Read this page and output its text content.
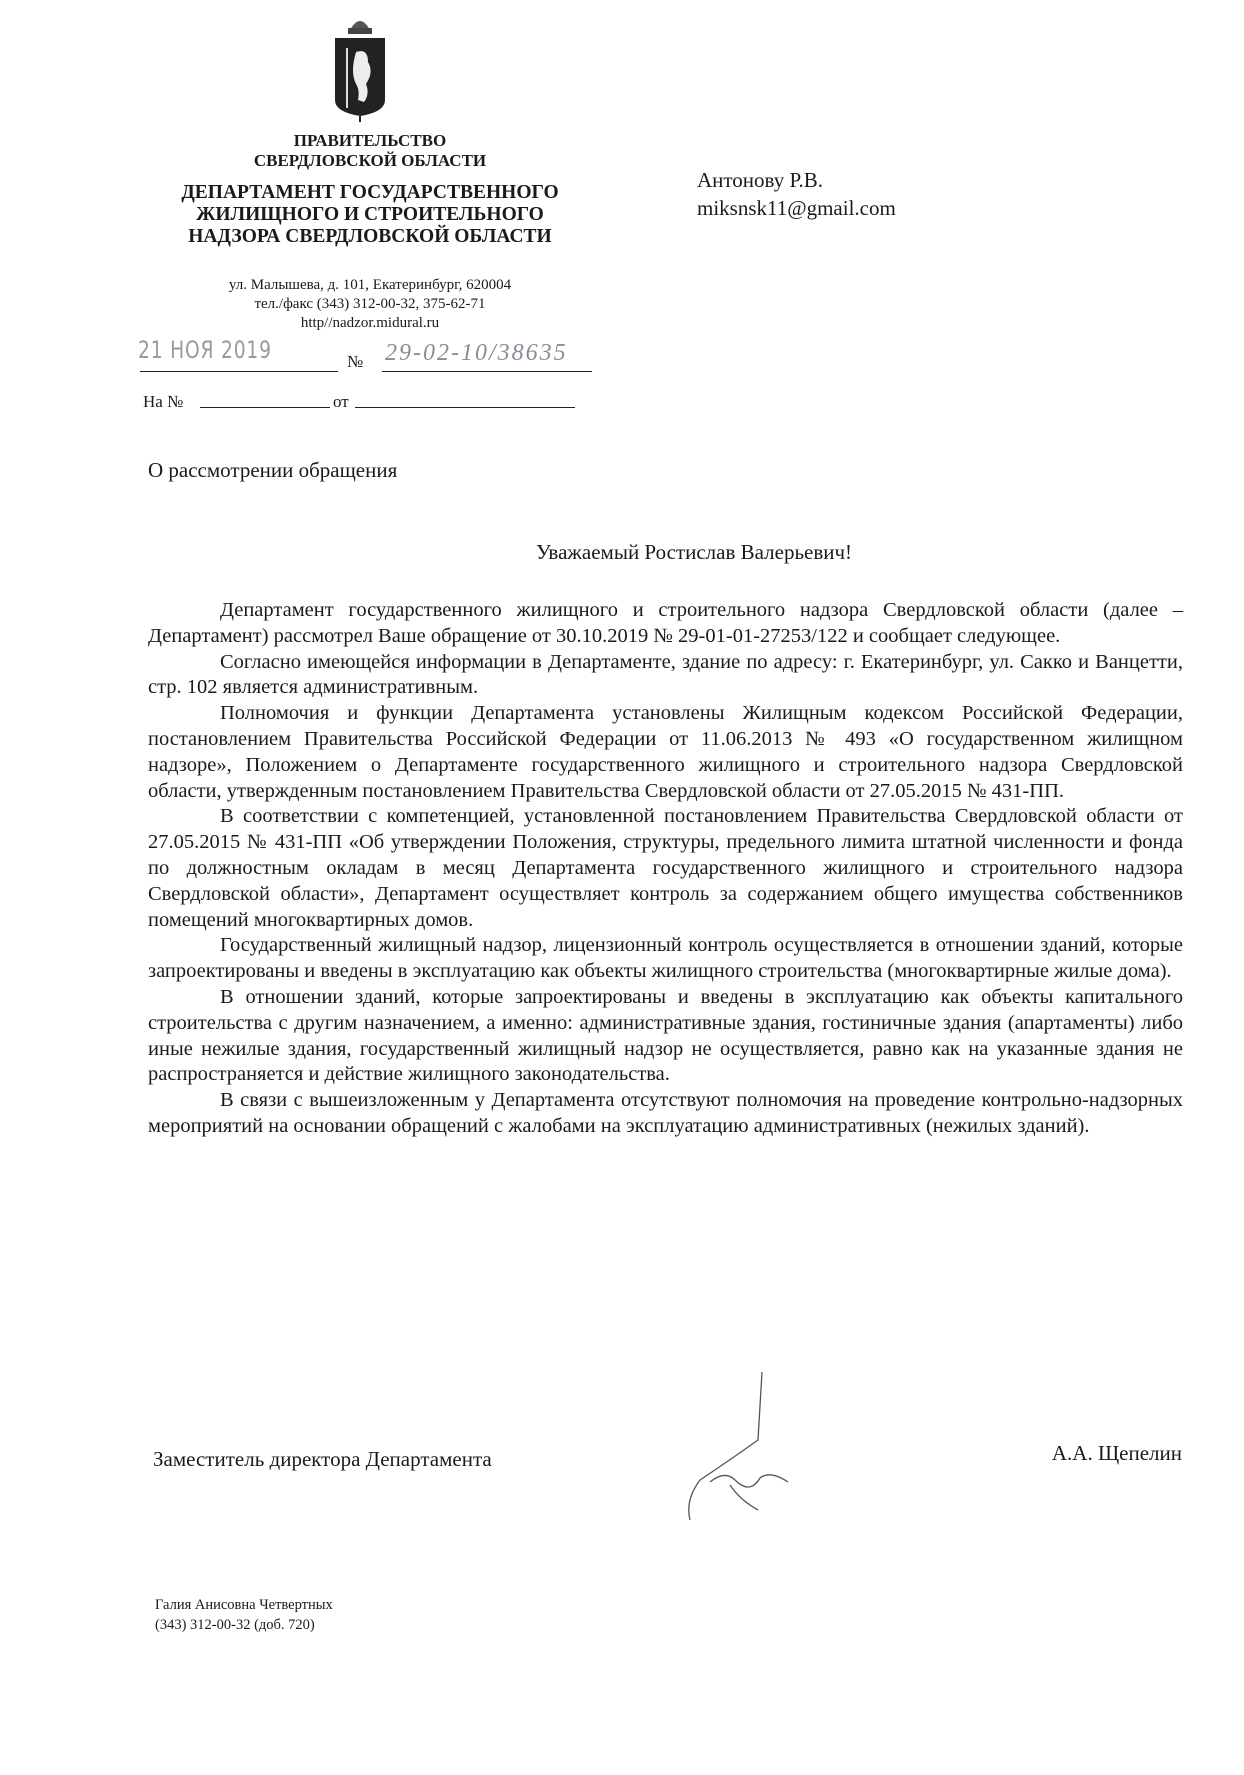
ПРАВИТЕЛЬСТВО
СВЕРДЛОВСКОЙ ОБЛАСТИ
ДЕПАРТАМЕНТ ГОСУДАРСТВЕННОГО
ЖИЛИЩНОГО И СТРОИТЕЛЬНОГО
НАДЗОРА СВЕРДЛОВСКОЙ ОБЛАСТИ
ул. Малышева, д. 101, Екатеринбург, 620004
тел./факс (343) 312-00-32, 375-62-71
http//nadzor.midural.ru
21 НОЯ 2019	№ 29-02-10/38635
На №	от
Антонову Р.В.
miksnsk11@gmail.com
О рассмотрении обращения
Уважаемый Ростислав Валерьевич!

Департамент государственного жилищного и строительного надзора Свердловской области (далее – Департамент) рассмотрел Ваше обращение от 30.10.2019 № 29-01-01-27253/122 и сообщает следующее.

Согласно имеющейся информации в Департаменте, здание по адресу: г. Екатеринбург, ул. Сакко и Ванцетти, стр. 102 является административным.

Полномочия и функции Департамента установлены Жилищным кодексом Российской Федерации, постановлением Правительства Российской Федерации от 11.06.2013 № 493 «О государственном жилищном надзоре», Положением о Департаменте государственного жилищного и строительного надзора Свердловской области, утвержденным постановлением Правительства Свердловской области от 27.05.2015 № 431-ПП.

В соответствии с компетенцией, установленной постановлением Правительства Свердловской области от 27.05.2015 № 431-ПП «Об утверждении Положения, структуры, предельного лимита штатной численности и фонда по должностным окладам в месяц Департамента государственного жилищного и строительного надзора Свердловской области», Департамент осуществляет контроль за содержанием общего имущества собственников помещений многоквартирных домов.

Государственный жилищный надзор, лицензионный контроль осуществляется в отношении зданий, которые запроектированы и введены в эксплуатацию как объекты жилищного строительства (многоквартирные жилые дома).

В отношении зданий, которые запроектированы и введены в эксплуатацию как объекты капитального строительства с другим назначением, а именно: административные здания, гостиничные здания (апартаменты) либо иные нежилые здания, государственный жилищный надзор не осуществляется, равно как на указанные здания не распространяется и действие жилищного законодательства.

В связи с вышеизложенным у Департамента отсутствуют полномочия на проведение контрольно-надзорных мероприятий на основании обращений с жалобами на эксплуатацию административных (нежилых зданий).

Заместитель директора Департамента	А.А. Щепелин
Галия Анисовна Четвертных
(343) 312-00-32 (доб. 720)
